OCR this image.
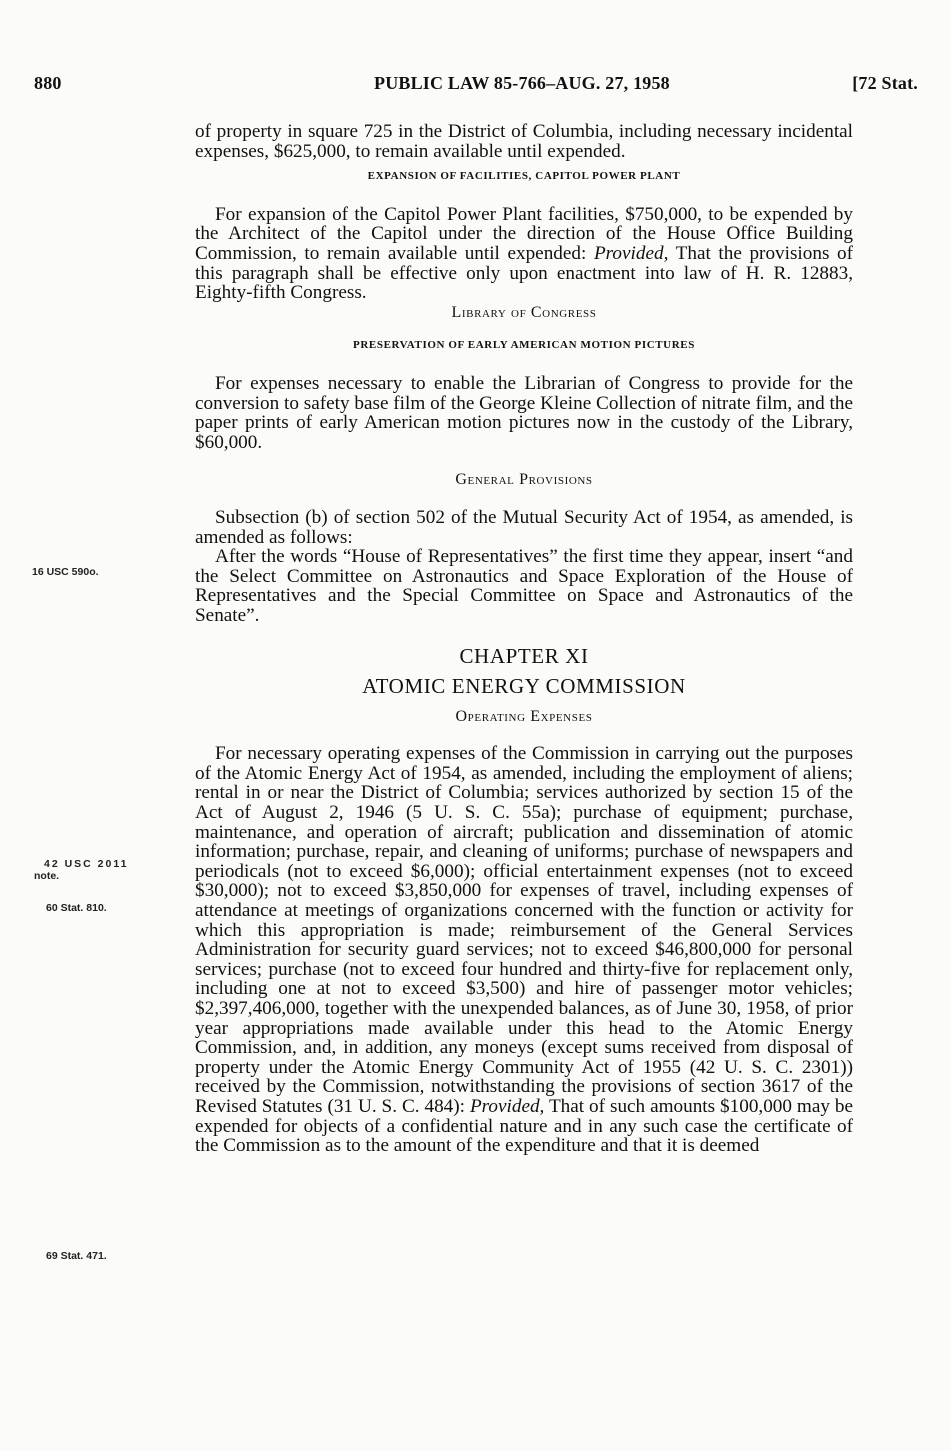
880	PUBLIC LAW 85-766–AUG. 27, 1958	[72 Stat.
16 USC 590o.
42 USC 2011
note.
60 Stat. 810.
69 Stat. 471.

of property in square 725 in the District of Columbia, including necessary incidental expenses, $625,000, to remain available until expended.

EXPANSION OF FACILITIES, CAPITOL POWER PLANT

For expansion of the Capitol Power Plant facilities, $750,000, to be expended by the Architect of the Capitol under the direction of the House Office Building Commission, to remain available until expended: Provided, That the provisions of this paragraph shall be effective only upon enactment into law of H. R. 12883, Eighty-fifth Congress.

Library of Congress

PRESERVATION OF EARLY AMERICAN MOTION PICTURES

For expenses necessary to enable the Librarian of Congress to provide for the conversion to safety base film of the George Kleine Collection of nitrate film, and the paper prints of early American motion pictures now in the custody of the Library, $60,000.

General Provisions

Subsection (b) of section 502 of the Mutual Security Act of 1954, as amended, is amended as follows:

After the words “House of Representatives” the first time they appear, insert “and the Select Committee on Astronautics and Space Exploration of the House of Representatives and the Special Committee on Space and Astronautics of the Senate”.

CHAPTER XI

ATOMIC ENERGY COMMISSION

Operating Expenses

For necessary operating expenses of the Commission in carrying out the purposes of the Atomic Energy Act of 1954, as amended, including the employment of aliens; rental in or near the District of Columbia; services authorized by section 15 of the Act of August 2, 1946 (5 U. S. C. 55a); purchase of equipment; purchase, maintenance, and operation of aircraft; publication and dissemination of atomic information; purchase, repair, and cleaning of uniforms; purchase of newspapers and periodicals (not to exceed $6,000); official entertainment expenses (not to exceed $30,000); not to exceed $3,850,000 for expenses of travel, including expenses of attendance at meetings of organizations concerned with the function or activity for which this appropriation is made; reimbursement of the General Services Administration for security guard services; not to exceed $46,800,000 for personal services; purchase (not to exceed four hundred and thirty-five for replacement only, including one at not to exceed $3,500) and hire of passenger motor vehicles; $2,397,406,000, together with the unexpended balances, as of June 30, 1958, of prior year appropriations made available under this head to the Atomic Energy Commission, and, in addition, any moneys (except sums received from disposal of property under the Atomic Energy Community Act of 1955 (42 U. S. C. 2301)) received by the Commission, notwithstanding the provisions of section 3617 of the Revised Statutes (31 U. S. C. 484): Provided, That of such amounts $100,000 may be expended for objects of a confidential nature and in any such case the certificate of the Commission as to the amount of the expenditure and that it is deemed
